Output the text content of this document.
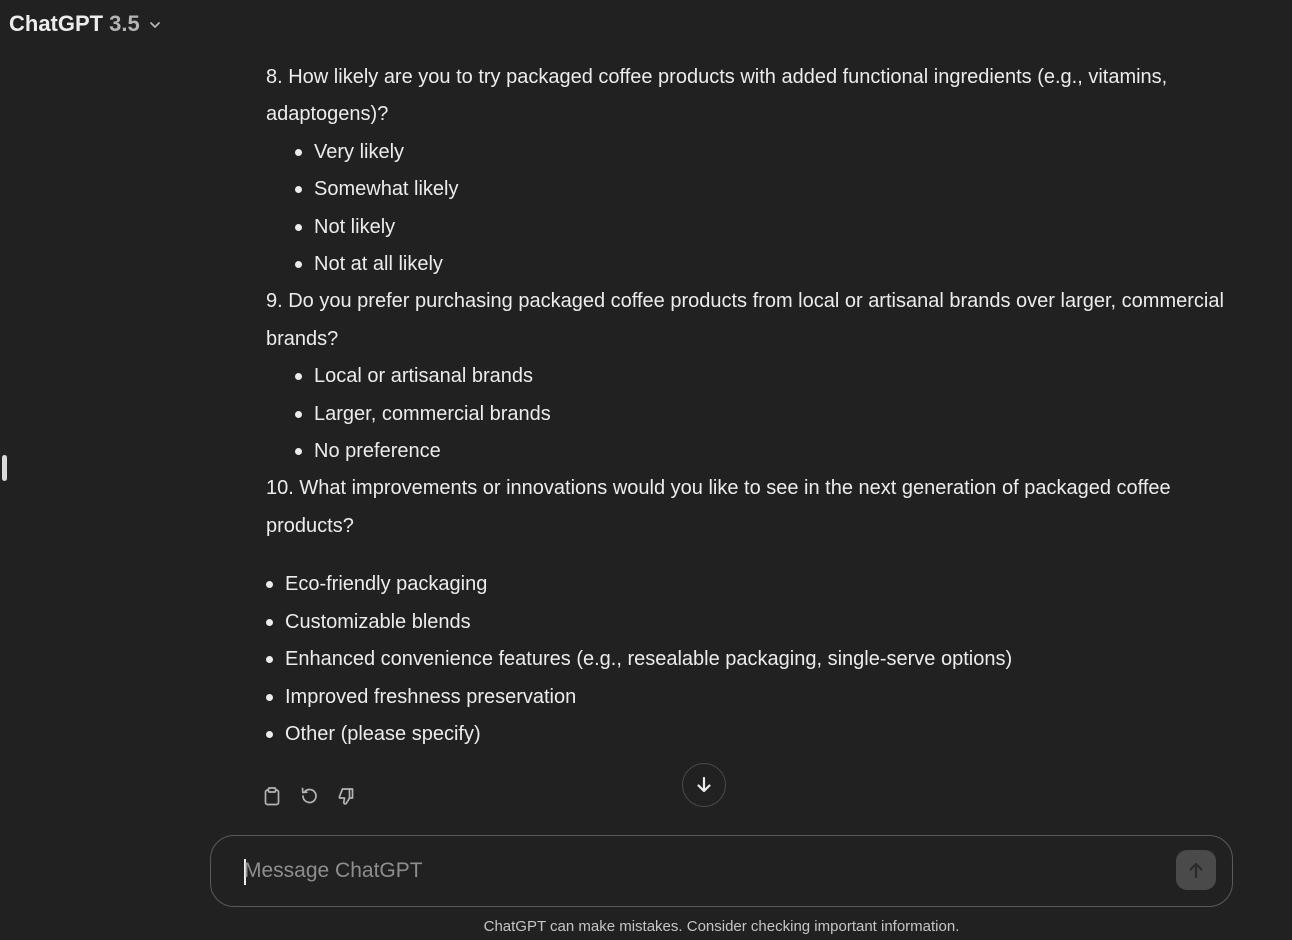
ChatGPT 3.5

8. How likely are you to try packaged coffee products with added functional ingredients (e.g., vitamins, adaptogens)?

Very likely
Somewhat likely
Not likely
Not at all likely

9. Do you prefer purchasing packaged coffee products from local or artisanal brands over larger, commercial brands?

Local or artisanal brands
Larger, commercial brands
No preference

10. What improvements or innovations would you like to see in the next generation of packaged coffee products?

Eco-friendly packaging
Customizable blends
Enhanced convenience features (e.g., resealable packaging, single-serve options)
Improved freshness preservation
Other (please specify)
Message ChatGPT
ChatGPT can make mistakes. Consider checking important information.
